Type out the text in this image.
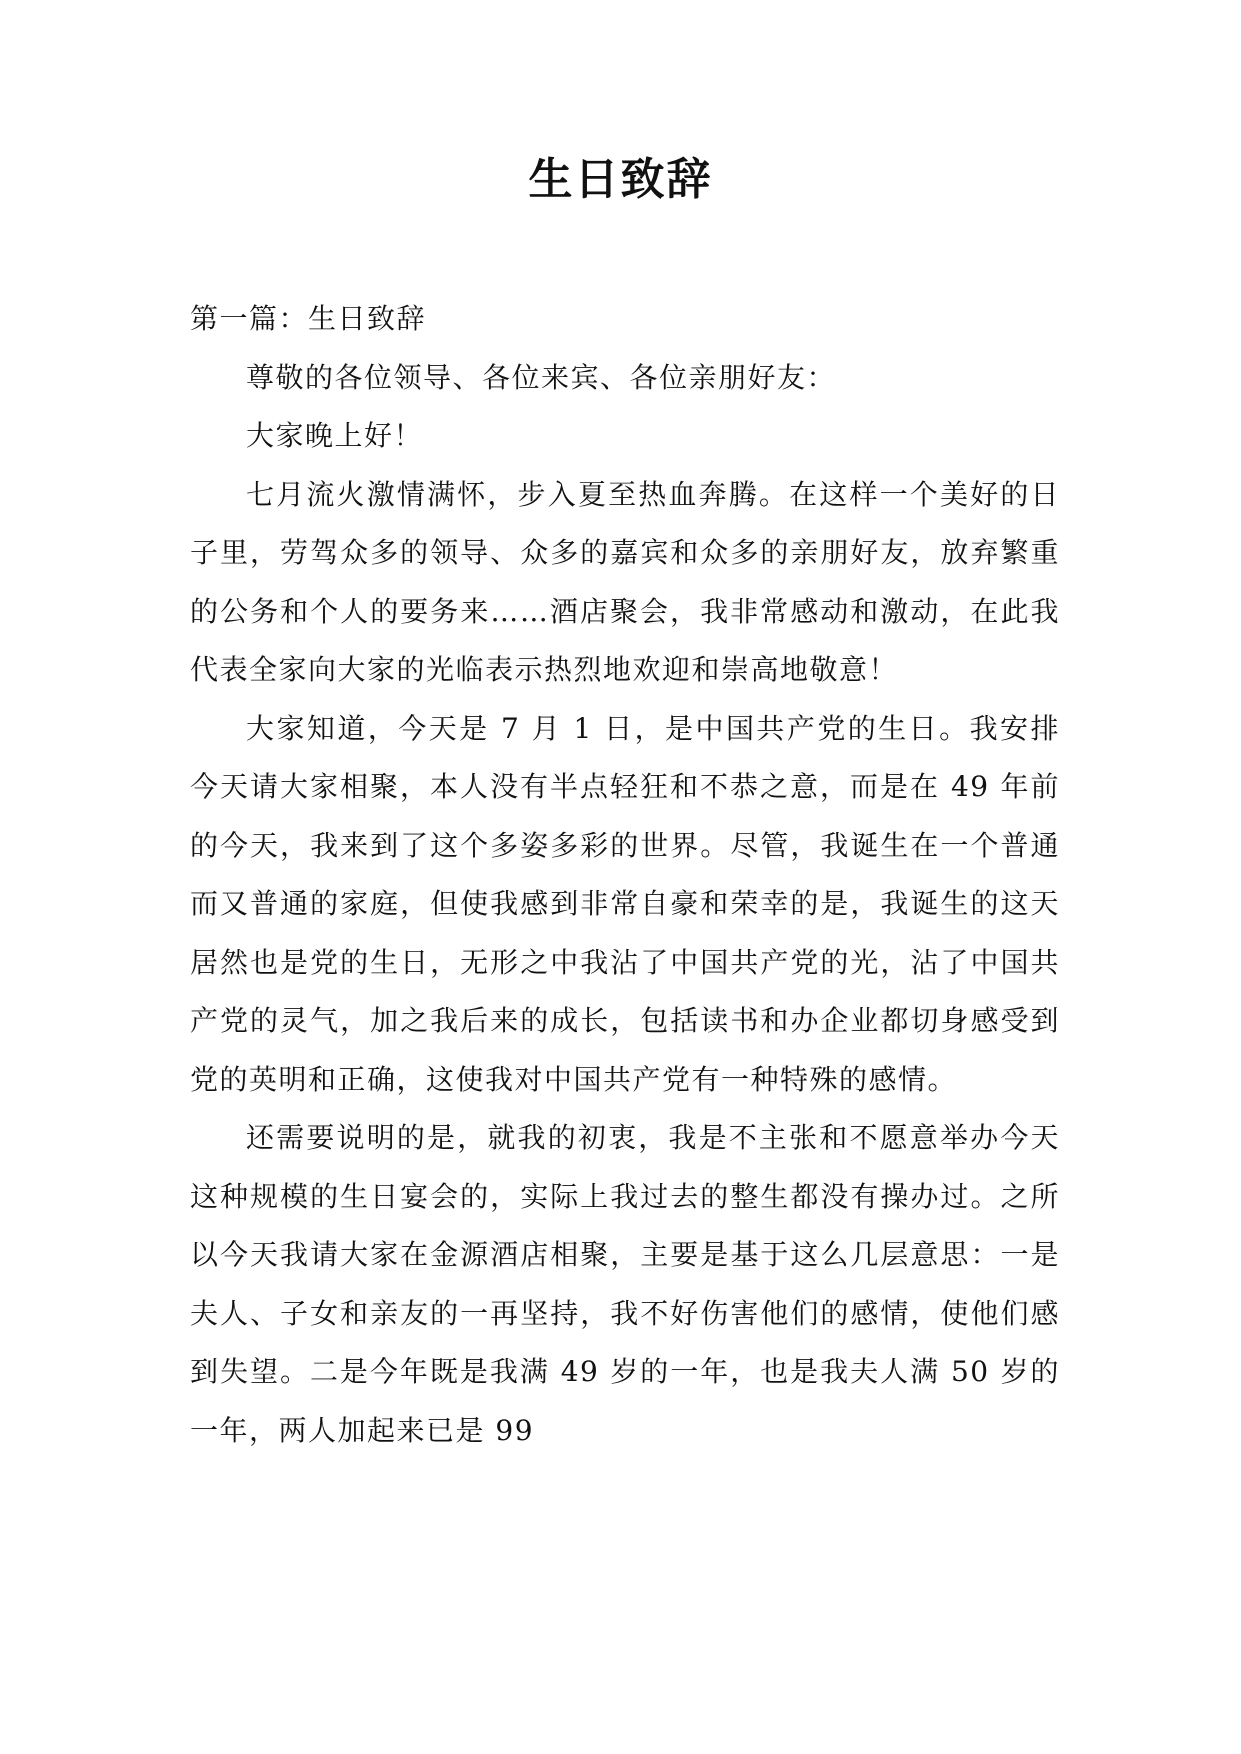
生日致辞

第一篇：生日致辞

尊敬的各位领导、各位来宾、各位亲朋好友：

大家晚上好！

七月流火激情满怀，步入夏至热血奔腾。在这样一个美好的日子里，劳驾众多的领导、众多的嘉宾和众多的亲朋好友，放弃繁重的公务和个人的要务来……酒店聚会，我非常感动和激动，在此我代表全家向大家的光临表示热烈地欢迎和崇高地敬意！

大家知道，今天是 7 月 1 日，是中国共产党的生日。我安排今天请大家相聚，本人没有半点轻狂和不恭之意，而是在 49 年前的今天，我来到了这个多姿多彩的世界。尽管，我诞生在一个普通而又普通的家庭，但使我感到非常自豪和荣幸的是，我诞生的这天居然也是党的生日，无形之中我沾了中国共产党的光，沾了中国共产党的灵气，加之我后来的成长，包括读书和办企业都切身感受到党的英明和正确，这使我对中国共产党有一种特殊的感情。

还需要说明的是，就我的初衷，我是不主张和不愿意举办今天这种规模的生日宴会的，实际上我过去的整生都没有操办过。之所以今天我请大家在金源酒店相聚，主要是基于这么几层意思：一是夫人、子女和亲友的一再坚持，我不好伤害他们的感情，使他们感到失望。二是今年既是我满 49 岁的一年，也是我夫人满 50 岁的一年，两人加起来已是 99
